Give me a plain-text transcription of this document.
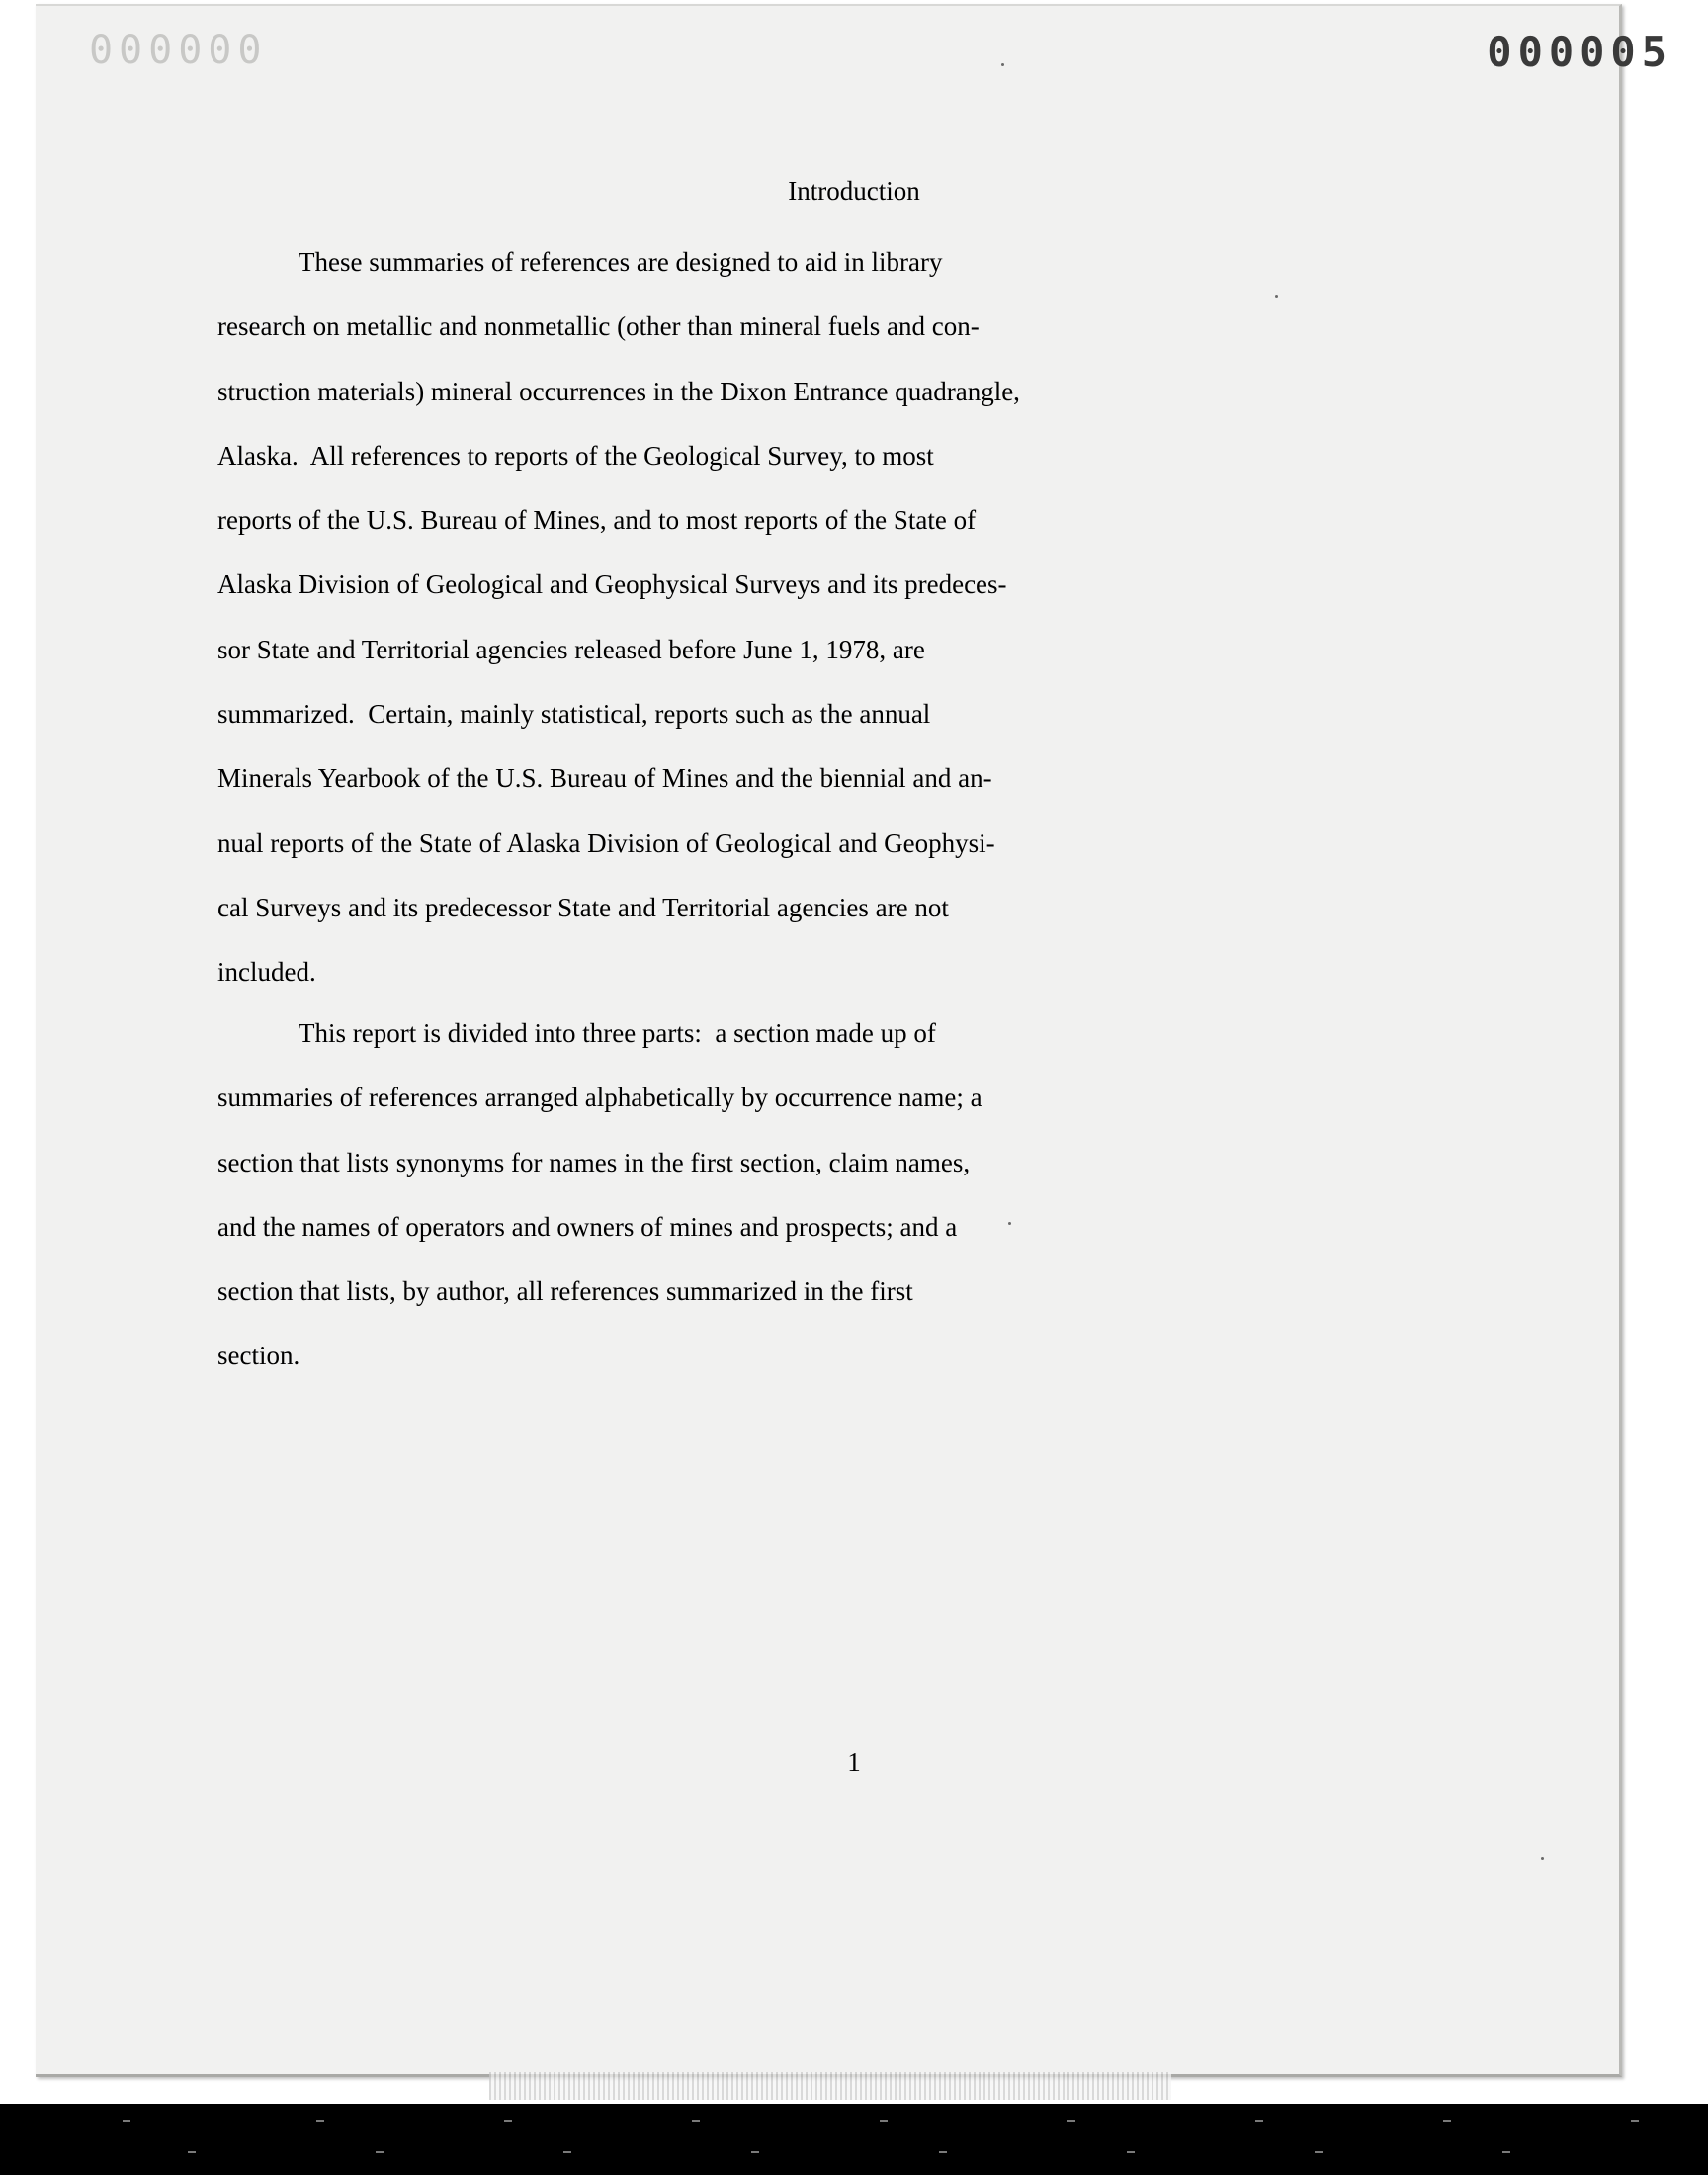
000000	000005
Introduction

These summaries of references are designed to aid in library
research on metallic and nonmetallic (other than mineral fuels and con-
struction materials) mineral occurrences in the Dixon Entrance quadrangle,
Alaska.  All references to reports of the Geological Survey, to most
reports of the U.S. Bureau of Mines, and to most reports of the State of
Alaska Division of Geological and Geophysical Surveys and its predeces-
sor State and Territorial agencies released before June 1, 1978, are
summarized.  Certain, mainly statistical, reports such as the annual
Minerals Yearbook of the U.S. Bureau of Mines and the biennial and an-
nual reports of the State of Alaska Division of Geological and Geophysi-
cal Surveys and its predecessor State and Territorial agencies are not
included.

This report is divided into three parts:  a section made up of
summaries of references arranged alphabetically by occurrence name; a
section that lists synonyms for names in the first section, claim names,
and the names of operators and owners of mines and prospects; and a
section that lists, by author, all references summarized in the first
section.

1
